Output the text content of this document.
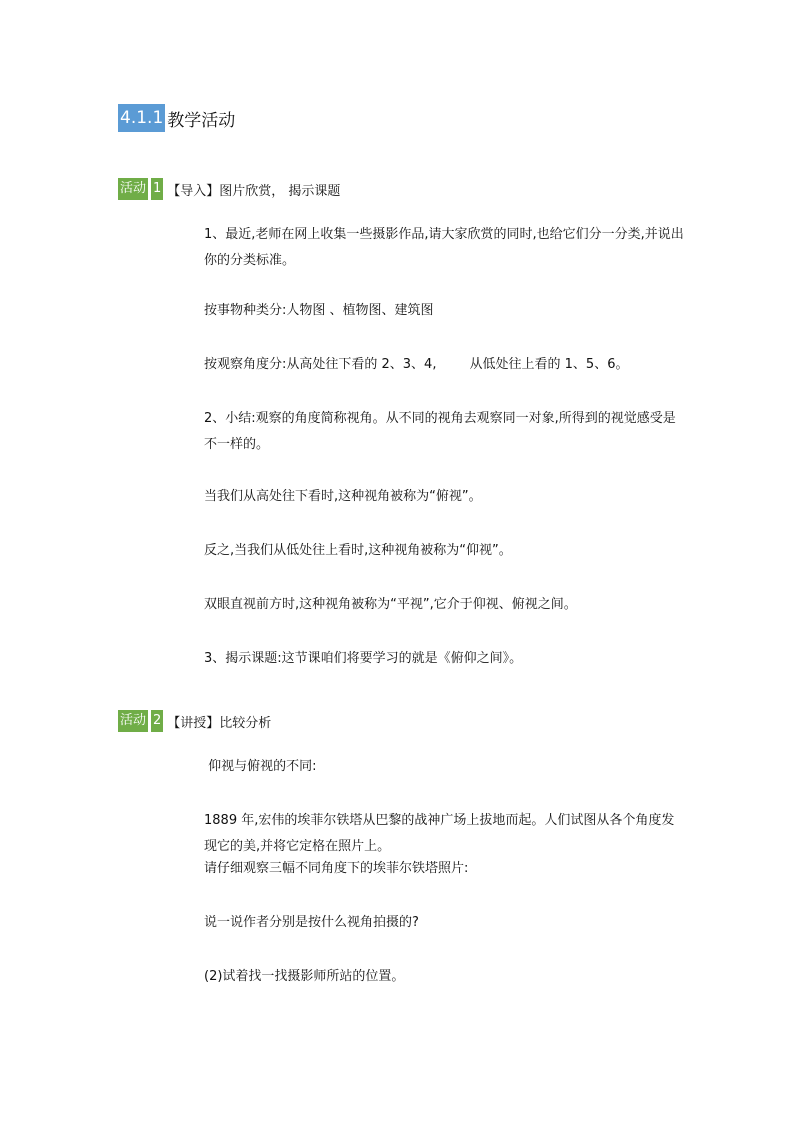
4.1.1 教学活动
活动 1 【导入】图片欣赏， 揭示课题
1、最近,老师在网上收集一些摄影作品,请大家欣赏的同时,也给它们分一分类,并说出你的分类标准。
按事物种类分:人物图 、植物图、建筑图
按观察角度分:从高处往下看的 2、3、4,        从低处往上看的 1、5、6。
2、小结:观察的角度简称视角。从不同的视角去观察同一对象,所得到的视觉感受是不一样的。
当我们从高处往下看时,这种视角被称为“俯视”。
反之,当我们从低处往上看时,这种视角被称为“仰视”。
双眼直视前方时,这种视角被称为“平视”,它介于仰视、俯视之间。
3、揭示课题:这节课咱们将要学习的就是《俯仰之间》。
活动 2 【讲授】比较分析
仰视与俯视的不同:
1889 年,宏伟的埃菲尔铁塔从巴黎的战神广场上拔地而起。人们试图从各个角度发现它的美,并将它定格在照片上。
请仔细观察三幅不同角度下的埃菲尔铁塔照片:
说一说作者分别是按什么视角拍摄的?
(2)试着找一找摄影师所站的位置。
